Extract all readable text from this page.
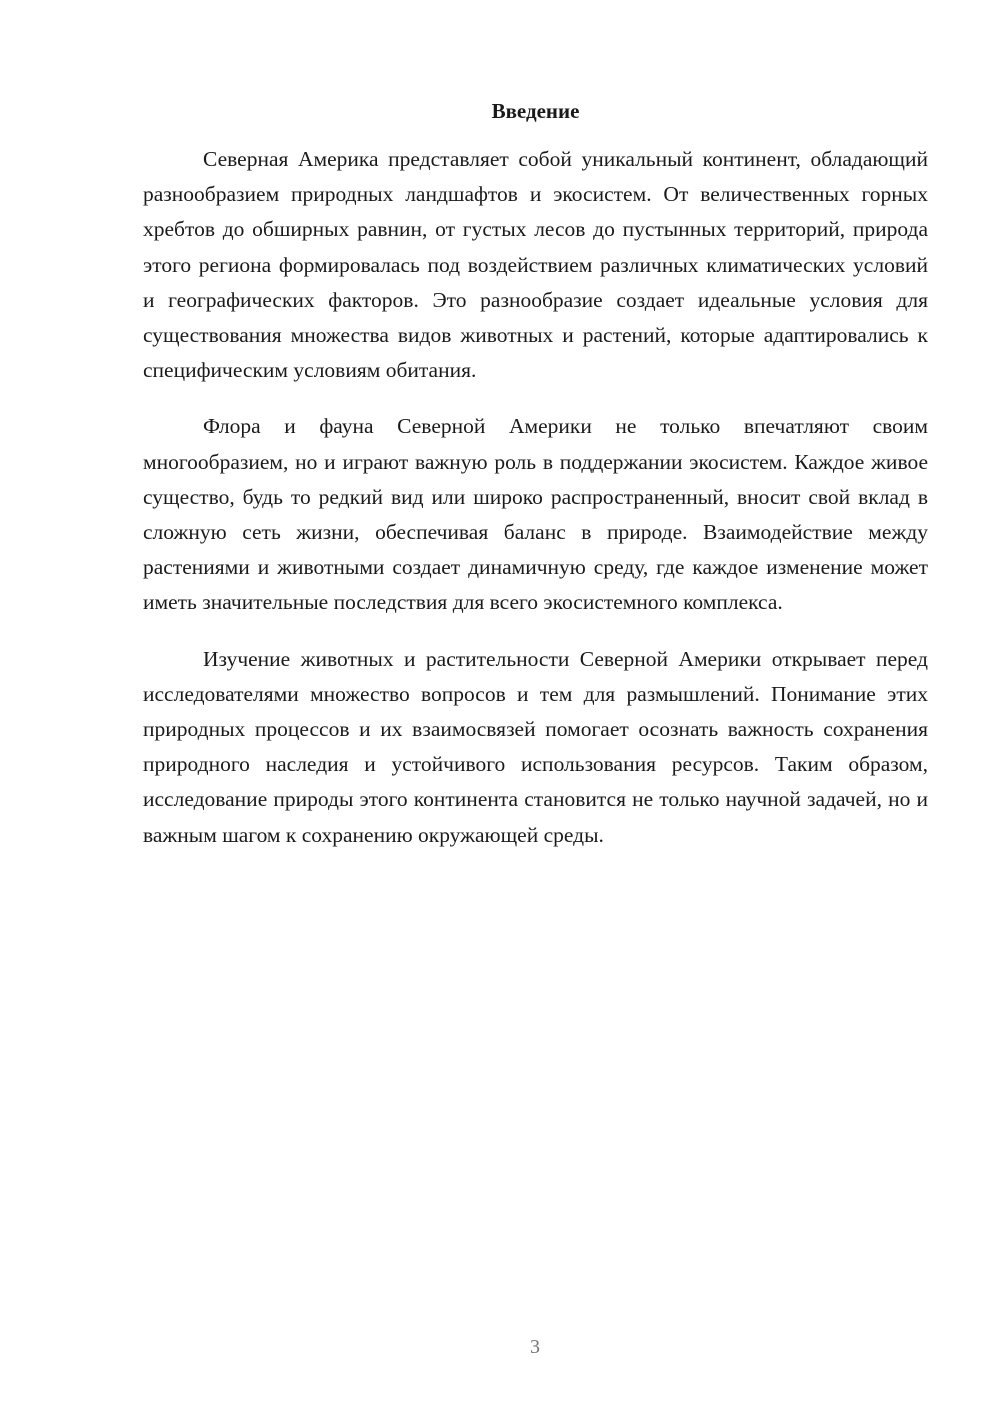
Введение

Северная Америка представляет собой уникальный континент, обладающий разнообразием природных ландшафтов и экосистем. От величественных горных хребтов до обширных равнин, от густых лесов до пустынных территорий, природа этого региона формировалась под воздействием различных климатических условий и географических факторов. Это разнообразие создает идеальные условия для существования множества видов животных и растений, которые адаптировались к специфическим условиям обитания.

Флора и фауна Северной Америки не только впечатляют своим многообразием, но и играют важную роль в поддержании экосистем. Каждое живое существо, будь то редкий вид или широко распространенный, вносит свой вклад в сложную сеть жизни, обеспечивая баланс в природе. Взаимодействие между растениями и животными создает динамичную среду, где каждое изменение может иметь значительные последствия для всего экосистемного комплекса.

Изучение животных и растительности Северной Америки открывает перед исследователями множество вопросов и тем для размышлений. Понимание этих природных процессов и их взаимосвязей помогает осознать важность сохранения природного наследия и устойчивого использования ресурсов. Таким образом, исследование природы этого континента становится не только научной задачей, но и важным шагом к сохранению окружающей среды.

3
